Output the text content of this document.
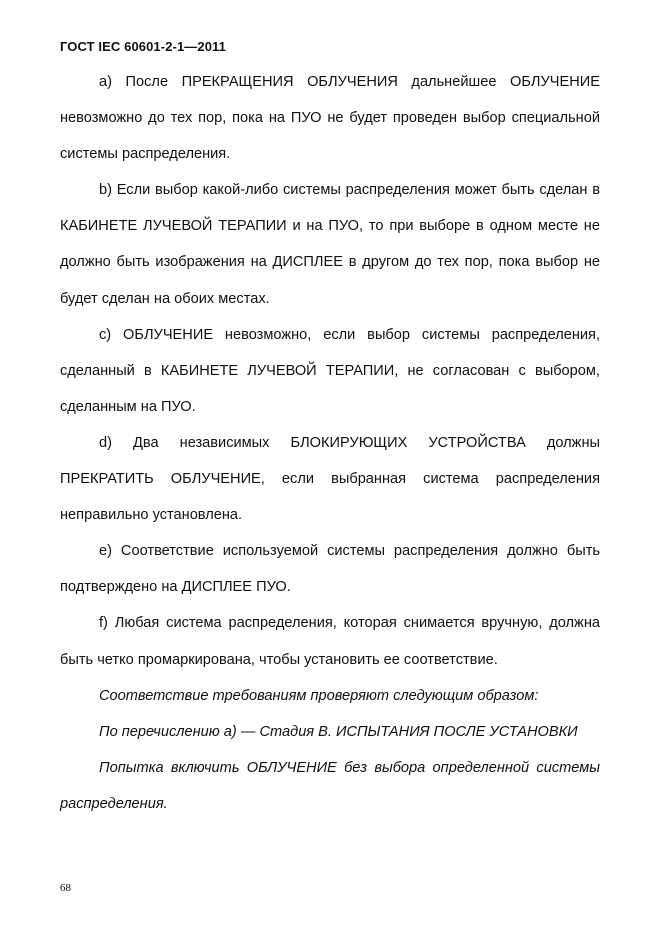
ГОСТ IEC 60601-2-1—2011

а) После ПРЕКРАЩЕНИЯ ОБЛУЧЕНИЯ дальнейшее ОБЛУЧЕНИЕ невозможно до тех пор, пока на ПУО не будет проведен выбор специальной системы распределения.

b) Если выбор какой-либо системы распределения может быть сделан в КАБИНЕТЕ ЛУЧЕВОЙ ТЕРАПИИ и на ПУО, то при выборе в одном месте не должно быть изображения на ДИСПЛЕЕ в другом до тех пор, пока выбор не будет сделан на обоих местах.

c) ОБЛУЧЕНИЕ невозможно, если выбор системы распределения, сделанный в КАБИНЕТЕ ЛУЧЕВОЙ ТЕРАПИИ, не согласован с выбором, сделанным на ПУО.

d) Два независимых БЛОКИРУЮЩИХ УСТРОЙСТВА должны ПРЕКРАТИТЬ ОБЛУЧЕНИЕ, если выбранная система распределения неправильно установлена.

e) Соответствие используемой системы распределения должно быть подтверждено на ДИСПЛЕЕ ПУО.

f) Любая система распределения, которая снимается вручную, должна быть четко промаркирована, чтобы установить ее соответствие.

Соответствие требованиям проверяют следующим образом:

По перечислению а) — Стадия В. ИСПЫТАНИЯ ПОСЛЕ УСТАНОВКИ

Попытка включить ОБЛУЧЕНИЕ без выбора определенной системы распределения.

68
